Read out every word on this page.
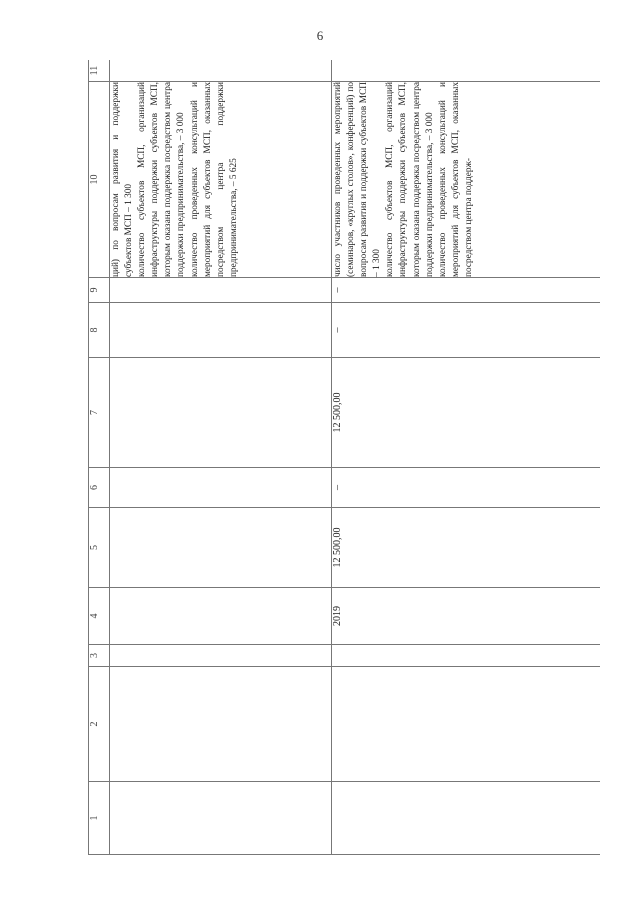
6
1	2	3	4	5	6	7	8	9	10	11

									ций) по вопросам развития и поддержки субъектов МСП – 1 300 количество субъектов МСП, организаций инфраструктуры поддержки субъектов МСП, которым оказана поддержка посредством центра поддержки предпринимательства, – 3 000 количество проведенных консультаций и мероприятий для субъектов МСП, оказанных посредством центра поддержки предпринимательства, – 5 625	

			2019	12 500,00	–	12 500,00	–	–	число участников проведенных мероприятий (семинаров, «круглых столов», конференций) по вопросам развития и поддержки субъектов МСП – 1 300 количество субъектов МСП, организаций инфраструктуры поддержки субъектов МСП, которым оказана поддержка посредством центра поддержки предпринимательства, – 3 000 количество проведенных консультаций и мероприятий для субъектов МСП, оказанных посредством центра поддерж-	
